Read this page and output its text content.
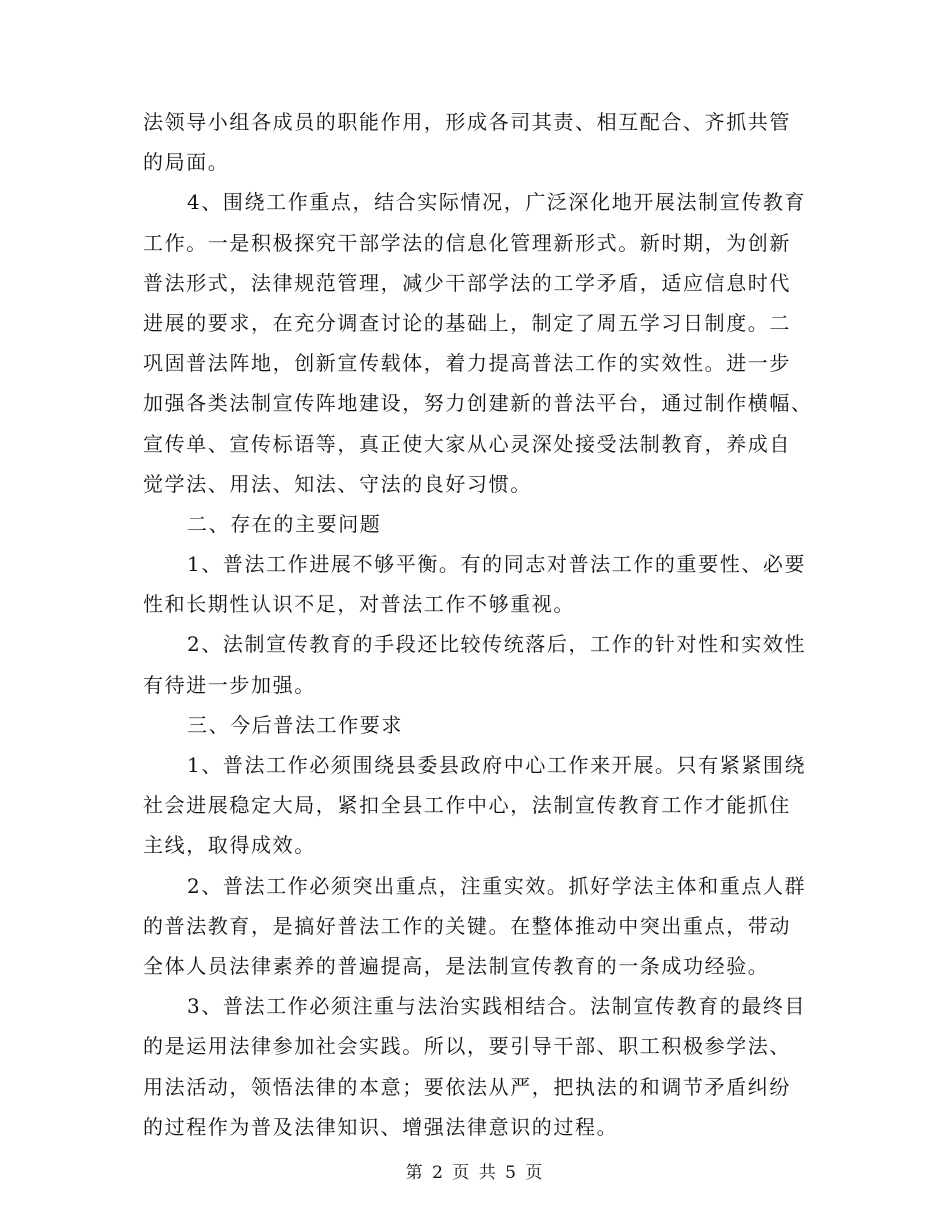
法领导小组各成员的职能作用，形成各司其责、相互配合、齐抓共管
的局面。
4、围绕工作重点，结合实际情况，广泛深化地开展法制宣传教育
工作。一是积极探究干部学法的信息化管理新形式。新时期，为创新
普法形式，法律规范管理，减少干部学法的工学矛盾，适应信息时代
进展的要求，在充分调查讨论的基础上，制定了周五学习日制度。二
巩固普法阵地，创新宣传载体，着力提高普法工作的实效性。进一步
加强各类法制宣传阵地建设，努力创建新的普法平台，通过制作横幅、
宣传单、宣传标语等，真正使大家从心灵深处接受法制教育，养成自
觉学法、用法、知法、守法的良好习惯。
二、存在的主要问题
1、普法工作进展不够平衡。有的同志对普法工作的重要性、必要
性和长期性认识不足，对普法工作不够重视。
2、法制宣传教育的手段还比较传统落后，工作的针对性和实效性
有待进一步加强。
三、今后普法工作要求
1、普法工作必须围绕县委县政府中心工作来开展。只有紧紧围绕
社会进展稳定大局，紧扣全县工作中心，法制宣传教育工作才能抓住
主线，取得成效。
2、普法工作必须突出重点，注重实效。抓好学法主体和重点人群
的普法教育，是搞好普法工作的关键。在整体推动中突出重点，带动
全体人员法律素养的普遍提高，是法制宣传教育的一条成功经验。
3、普法工作必须注重与法治实践相结合。法制宣传教育的最终目
的是运用法律参加社会实践。所以，要引导干部、职工积极参学法、
用法活动，领悟法律的本意；要依法从严，把执法的和调节矛盾纠纷
的过程作为普及法律知识、增强法律意识的过程。
第 2 页 共 5 页
